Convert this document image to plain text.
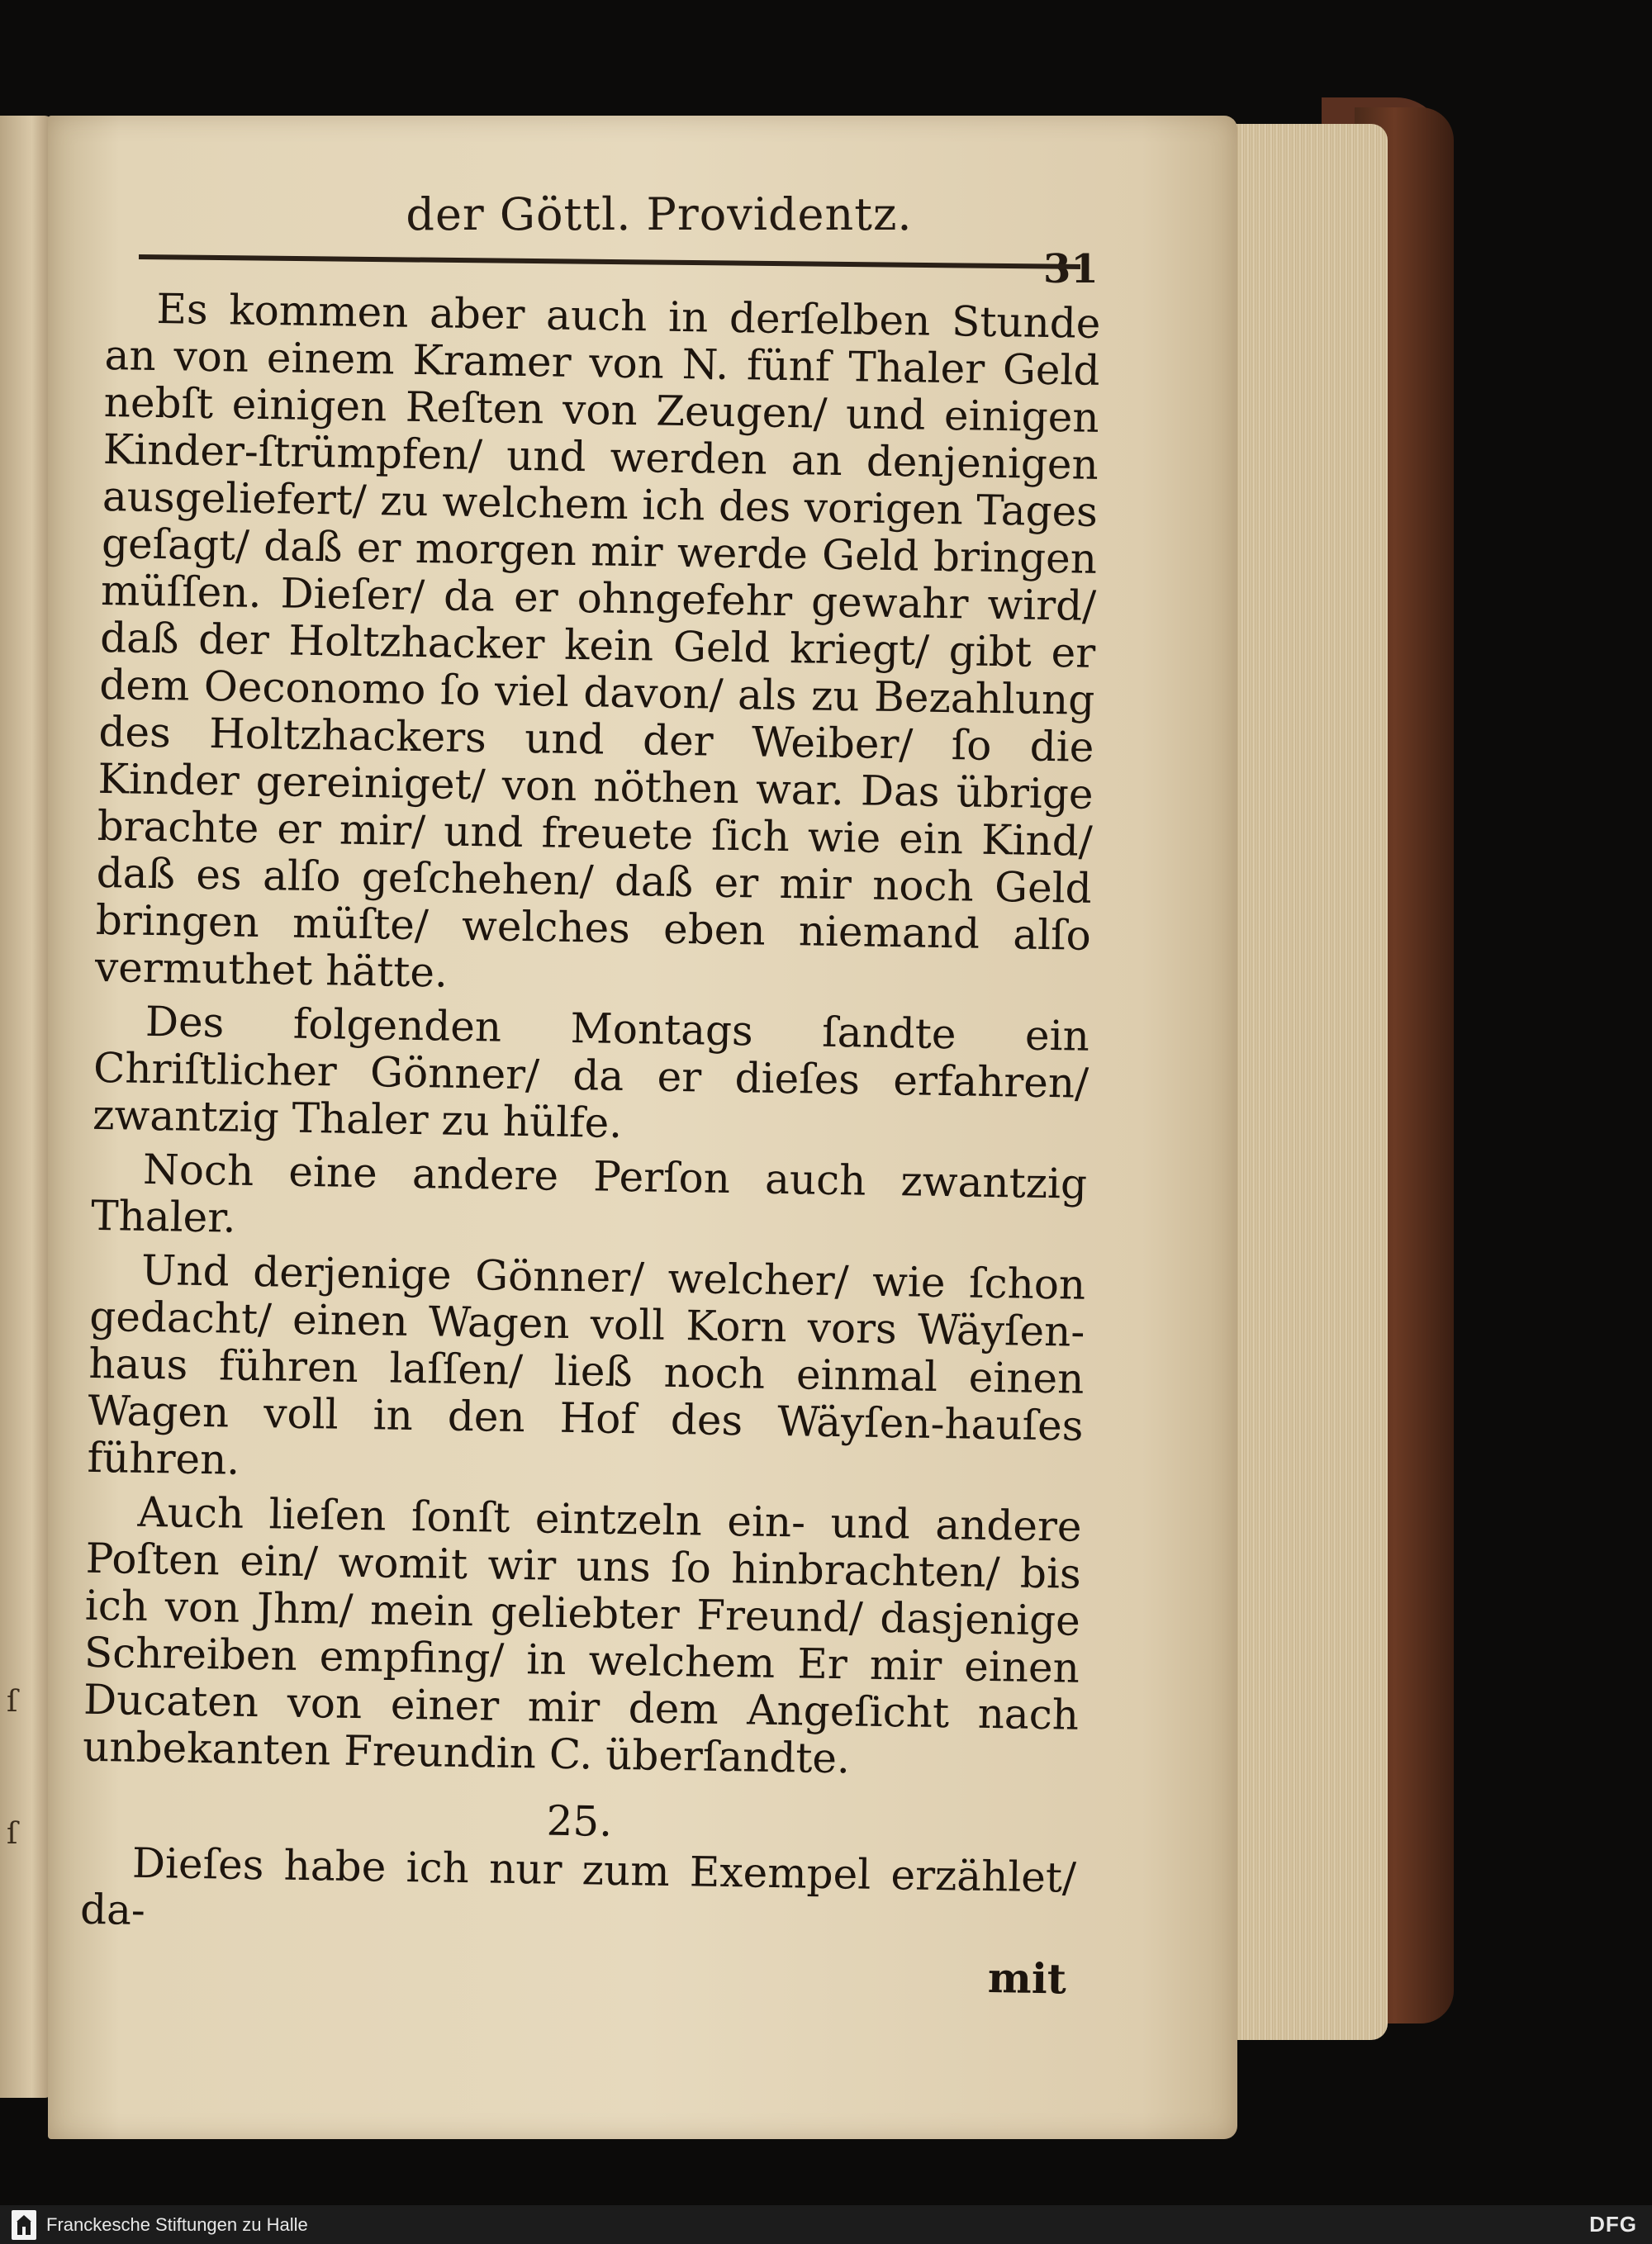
ſ
ſ
der Göttl. Providentz.
31

Es kommen aber auch in derſelben Stunde an von einem Kramer von N. fünf Thaler Geld nebſt einigen Reſten von Zeugen/ und einigen Kinder-ſtrümpfen/ und werden an denjenigen ausgeliefert/ zu welchem ich des vorigen Tages geſagt/ daß er morgen mir werde Geld bringen müſſen. Dieſer/ da er ohngefehr gewahr wird/ daß der Holtzhacker kein Geld kriegt/ gibt er dem Oeconomo ſo viel davon/ als zu Bezahlung des Holtzhackers und der Weiber/ ſo die Kinder gereiniget/ von nöthen war. Das übrige brachte er mir/ und freuete ſich wie ein Kind/ daß es alſo geſchehen/ daß er mir noch Geld bringen müſte/ welches eben niemand alſo vermuthet hätte.

Des folgenden Montags ſandte ein Chriſtlicher Gönner/ da er dieſes erfahren/ zwantzig Thaler zu hülfe.

Noch eine andere Perſon auch zwantzig Thaler.

Und derjenige Gönner/ welcher/ wie ſchon gedacht/ einen Wagen voll Korn vors Wäyſen-haus führen laſſen/ ließ noch einmal einen Wagen voll in den Hof des Wäyſen-hauſes führen.

Auch lieſen ſonſt eintzeln ein- und andere Poſten ein/ womit wir uns ſo hinbrachten/ bis ich von Jhm/ mein geliebter Freund/ dasjenige Schreiben empfing/ in welchem Er mir einen Ducaten von einer mir dem Angeſicht nach unbekanten Freundin C. überſandte.

25.

Dieſes habe ich nur zum Exempel erzählet/ da-

mit

Franckesche Stiftungen zu Halle	DFG
